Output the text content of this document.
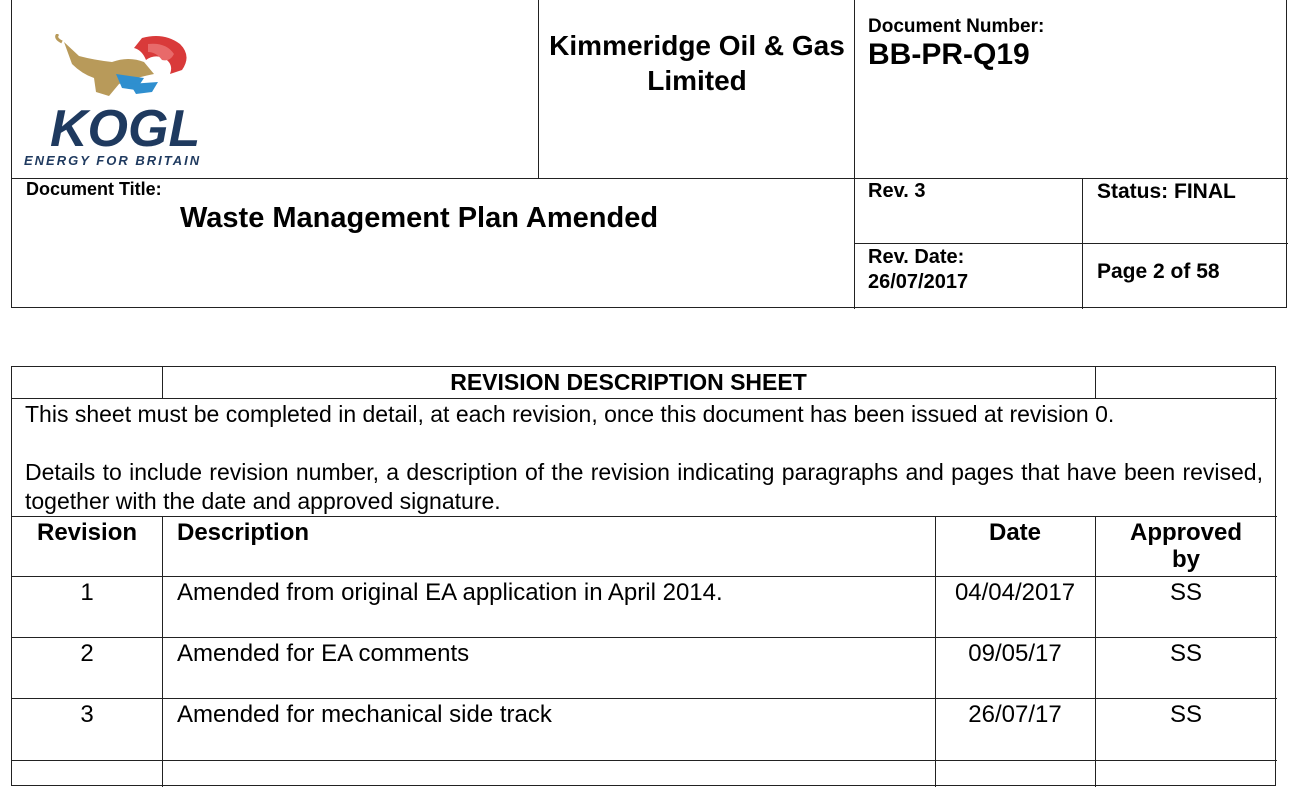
KOGL
ENERGY FOR BRITAIN
Kimmeridge Oil & Gas Limited
Document Number:
BB-PR-Q19
Document Title:
Waste Management Plan Amended
Rev. 3	Status: FINAL
Rev. Date:
26/07/2017	Page 2 of 58
REVISION DESCRIPTION SHEET
This sheet must be completed in detail, at each revision, once this document has been issued at revision 0.
Details to include revision number, a description of the revision indicating paragraphs and pages that have been revised, together with the date and approved signature.
Revision	Description	Date	Approved
by
1	Amended from original EA application in April 2014.	04/04/2017	SS
2	Amended for EA comments	09/05/17	SS
3	Amended for mechanical side track	26/07/17	SS
